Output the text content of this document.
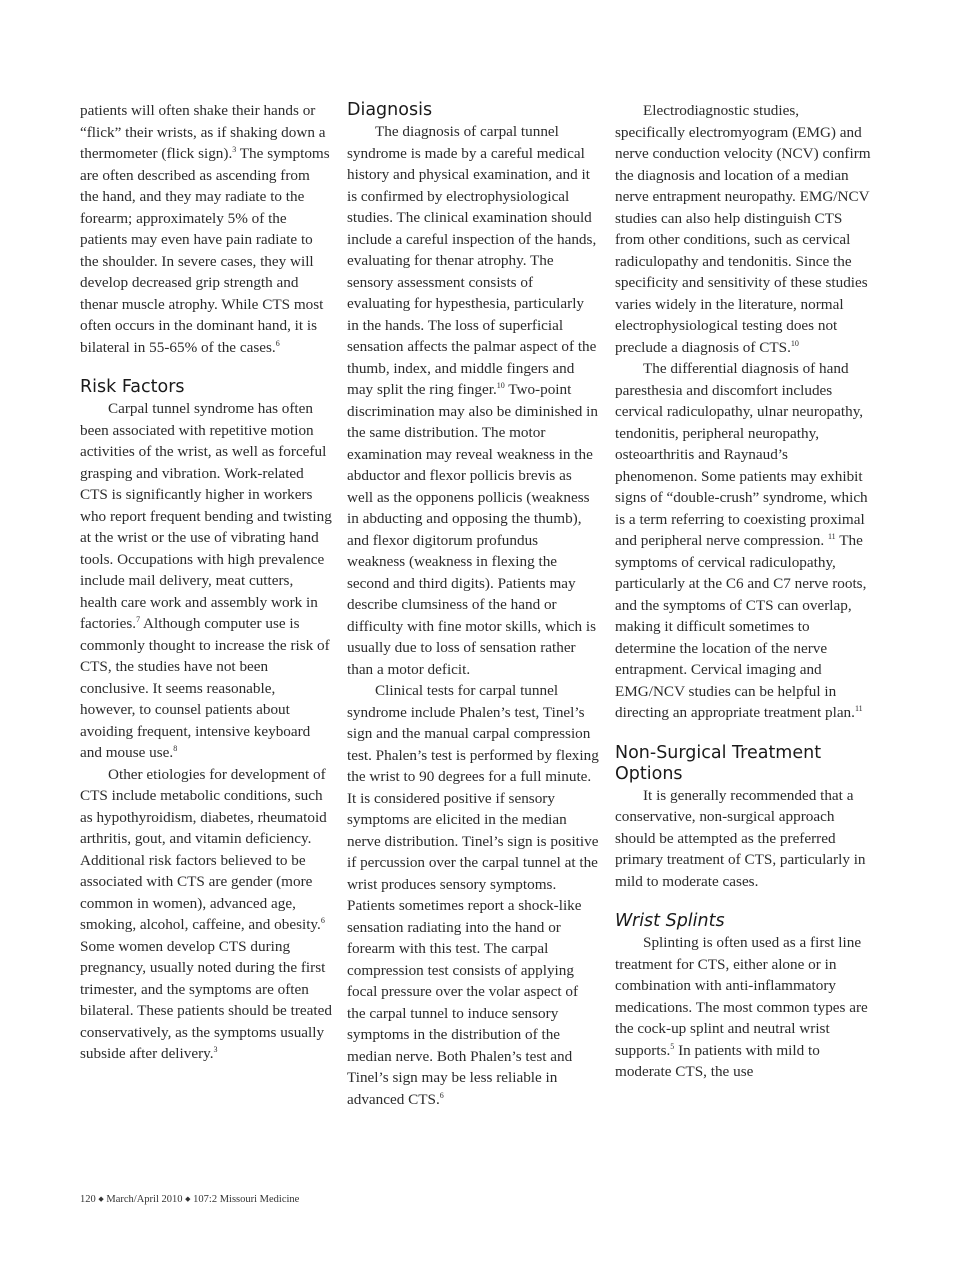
patients will often shake their hands or “flick” their wrists, as if shaking down a thermometer (flick sign).$^3$ The symptoms are often described as ascending from the hand, and they may radiate to the forearm; approximately 5% of the patients may even have pain radiate to the shoulder. In severe cases, they will develop decreased grip strength and thenar muscle atrophy. While CTS most often occurs in the dominant hand, it is bilateral in 55-65% of the cases.$^6$

Risk Factors

Carpal tunnel syndrome has often been associated with repetitive motion activities of the wrist, as well as forceful grasping and vibration. Work-related CTS is significantly higher in workers who report frequent bending and twisting at the wrist or the use of vibrating hand tools. Occupations with high prevalence include mail delivery, meat cutters, health care work and assembly work in factories.$^7$ Although computer use is commonly thought to increase the risk of CTS, the studies have not been conclusive. It seems reasonable, however, to counsel patients about avoiding frequent, intensive keyboard and mouse use.$^8$

Other etiologies for development of CTS include metabolic conditions, such as hypothyroidism, diabetes, rheumatoid arthritis, gout, and vitamin deficiency. Additional risk factors believed to be associated with CTS are gender (more common in women), advanced age, smoking, alcohol, caffeine, and obesity.$^6$ Some women develop CTS during pregnancy, usually noted during the first trimester, and the symptoms are often bilateral. These patients should be treated conservatively, as the symptoms usually subside after delivery.$^3$

Diagnosis

The diagnosis of carpal tunnel syndrome is made by a careful medical history and physical examination, and it is confirmed by electrophysiological studies. The clinical examination should include a careful inspection of the hands, evaluating for thenar atrophy. The sensory assessment consists of evaluating for hypesthesia, particularly in the hands. The loss of superficial sensation affects the palmar aspect of the thumb, index, and middle fingers and may split the ring finger.$^{10}$ Two-point discrimination may also be diminished in the same distribution. The motor examination may reveal weakness in the abductor and flexor pollicis brevis as well as the opponens pollicis (weakness in abducting and opposing the thumb), and flexor digitorum profundus weakness (weakness in flexing the second and third digits). Patients may describe clumsiness of the hand or difficulty with fine motor skills, which is usually due to loss of sensation rather than a motor deficit.

Clinical tests for carpal tunnel syndrome include Phalen’s test, Tinel’s sign and the manual carpal compression test. Phalen’s test is performed by flexing the wrist to 90 degrees for a full minute. It is considered positive if sensory symptoms are elicited in the median nerve distribution. Tinel’s sign is positive if percussion over the carpal tunnel at the wrist produces sensory symptoms. Patients sometimes report a shock-like sensation radiating into the hand or forearm with this test. The carpal compression test consists of applying focal pressure over the volar aspect of the carpal tunnel to induce sensory symptoms in the distribution of the median nerve. Both Phalen’s test and Tinel’s sign may be less reliable in advanced CTS.$^6$

Electrodiagnostic studies, specifically electromyogram (EMG) and nerve conduction velocity (NCV) confirm the diagnosis and location of a median nerve entrapment neuropathy. EMG/NCV studies can also help distinguish CTS from other conditions, such as cervical radiculopathy and tendonitis. Since the specificity and sensitivity of these studies varies widely in the literature, normal electrophysiological testing does not preclude a diagnosis of CTS.$^{10}$

The differential diagnosis of hand paresthesia and discomfort includes cervical radiculopathy, ulnar neuropathy, tendonitis, peripheral neuropathy, osteoarthritis and Raynaud’s phenomenon. Some patients may exhibit signs of “double-crush” syndrome, which is a term referring to coexisting proximal and peripheral nerve compression. $^{11}$ The symptoms of cervical radiculopathy, particularly at the C6 and C7 nerve roots, and the symptoms of CTS can overlap, making it difficult sometimes to determine the location of the nerve entrapment. Cervical imaging and EMG/NCV studies can be helpful in directing an appropriate treatment plan.$^{11}$

Non-Surgical Treatment Options

It is generally recommended that a conservative, non-surgical approach should be attempted as the preferred primary treatment of CTS, particularly in mild to moderate cases.

Wrist Splints

Splinting is often used as a first line treatment for CTS, either alone or in combination with anti-inflammatory medications. The most common types are the cock-up splint and neutral wrist supports.$^5$ In patients with mild to moderate CTS, the use

120 ◆ March/April 2010 ◆ 107:2 Missouri Medicine
